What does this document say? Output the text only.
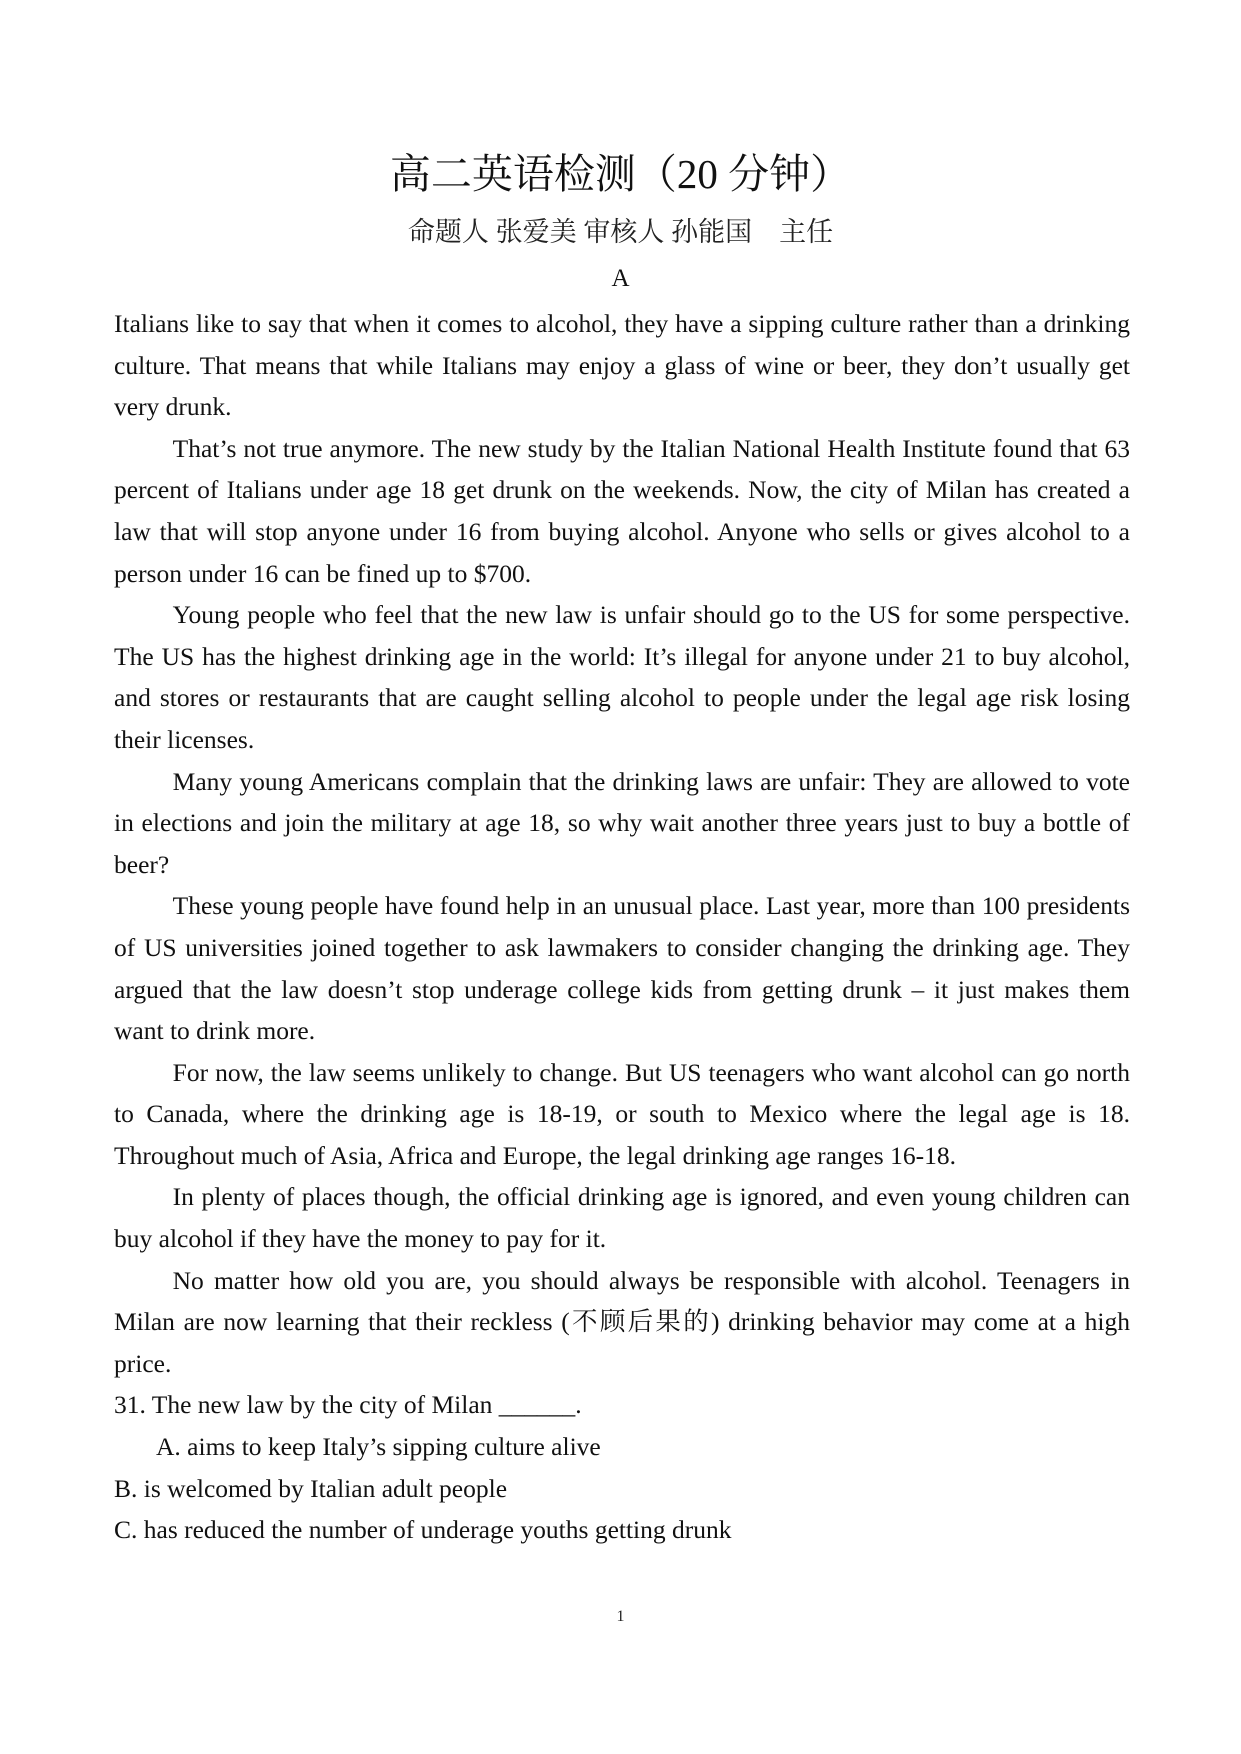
高二英语检测（20 分钟）
命题人 张爱美 审核人 孙能国　主任
A

Italians like to say that when it comes to alcohol, they have a sipping culture rather than a drinking culture. That means that while Italians may enjoy a glass of wine or beer, they don’t usually get very drunk.

That’s not true anymore. The new study by the Italian National Health Institute found that 63 percent of Italians under age 18 get drunk on the weekends. Now, the city of Milan has created a law that will stop anyone under 16 from buying alcohol. Anyone who sells or gives alcohol to a person under 16 can be fined up to $700.

Young people who feel that the new law is unfair should go to the US for some perspective. The US has the highest drinking age in the world: It’s illegal for anyone under 21 to buy alcohol, and stores or restaurants that are caught selling alcohol to people under the legal age risk losing their licenses.

Many young Americans complain that the drinking laws are unfair: They are allowed to vote in elections and join the military at age 18, so why wait another three years just to buy a bottle of beer?

These young people have found help in an unusual place. Last year, more than 100 presidents of US universities joined together to ask lawmakers to consider changing the drinking age. They argued that the law doesn’t stop underage college kids from getting drunk – it just makes them want to drink more.

For now, the law seems unlikely to change. But US teenagers who want alcohol can go north to Canada, where the drinking age is 18-19, or south to Mexico where the legal age is 18. Throughout much of Asia, Africa and Europe, the legal drinking age ranges 16-18.

In plenty of places though, the official drinking age is ignored, and even young children can buy alcohol if they have the money to pay for it.

No matter how old you are, you should always be responsible with alcohol. Teenagers in Milan are now learning that their reckless (不顾后果的) drinking behavior may come at a high price.

31. The new law by the city of Milan ______.

A. aims to keep Italy’s sipping culture alive

B. is welcomed by Italian adult people

C. has reduced the number of underage youths getting drunk

1
